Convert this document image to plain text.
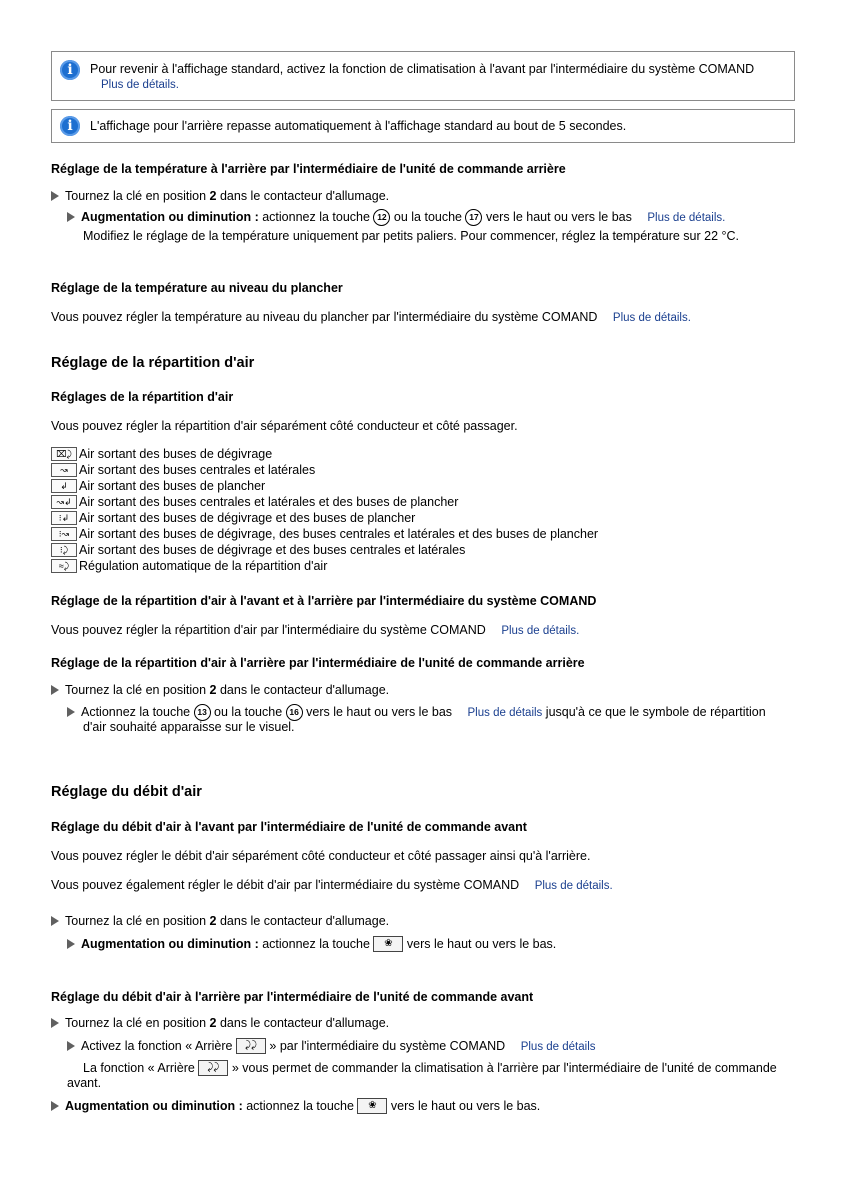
i	Pour revenir à l'affichage standard, activez la fonction de climatisation à l'avant par l'intermédiaire du système COMAND
Plus de détails.
i	L'affichage pour l'arrière repasse automatiquement à l'affichage standard au bout de 5 secondes.
Réglage de la température à l'arrière par l'intermédiaire de l'unité de commande arrière
Tournez la clé en position 2 dans le contacteur d'allumage.
Augmentation ou diminution : actionnez la touche 12 ou la touche 17 vers le haut ou vers le bas Plus de détails.
Modifiez le réglage de la température uniquement par petits paliers. Pour commencer, réglez la température sur 22 °C.
Réglage de la température au niveau du plancher
Vous pouvez régler la température au niveau du plancher par l'intermédiaire du système COMAND Plus de détails.
Réglage de la répartition d'air
Réglages de la répartition d'air
Vous pouvez régler la répartition d'air séparément côté conducteur et côté passager.
⌧⤸ Air sortant des buses de dégivrage
↝ Air sortant des buses centrales et latérales
↲ Air sortant des buses de plancher
↝↲ Air sortant des buses centrales et latérales et des buses de plancher
⁝↲ Air sortant des buses de dégivrage et des buses de plancher
⁝↝ Air sortant des buses de dégivrage, des buses centrales et latérales et des buses de plancher
⁝⤸ Air sortant des buses de dégivrage et des buses centrales et latérales
≈⤸ Régulation automatique de la répartition d'air
Réglage de la répartition d'air à l'avant et à l'arrière par l'intermédiaire du système COMAND
Vous pouvez régler la répartition d'air par l'intermédiaire du système COMAND Plus de détails.
Réglage de la répartition d'air à l'arrière par l'intermédiaire de l'unité de commande arrière
Tournez la clé en position 2 dans le contacteur d'allumage.
Actionnez la touche 13 ou la touche 16 vers le haut ou vers le bas Plus de détails jusqu'à ce que le symbole de répartition
d'air souhaité apparaisse sur le visuel.
Réglage du débit d'air
Réglage du débit d'air à l'avant par l'intermédiaire de l'unité de commande avant
Vous pouvez régler le débit d'air séparément côté conducteur et côté passager ainsi qu'à l'arrière.
Vous pouvez également régler le débit d'air par l'intermédiaire du système COMAND Plus de détails.
Tournez la clé en position 2 dans le contacteur d'allumage.
Augmentation ou diminution : actionnez la touche ❀ vers le haut ou vers le bas.
Réglage du débit d'air à l'arrière par l'intermédiaire de l'unité de commande avant
Tournez la clé en position 2 dans le contacteur d'allumage.
Activez la fonction « Arrière ⤸⤸ » par l'intermédiaire du système COMAND Plus de détails
La fonction « Arrière ⤸⤸ » vous permet de commander la climatisation à l'arrière par l'intermédiaire de l'unité de commande
avant.
Augmentation ou diminution : actionnez la touche ❀ vers le haut ou vers le bas.
